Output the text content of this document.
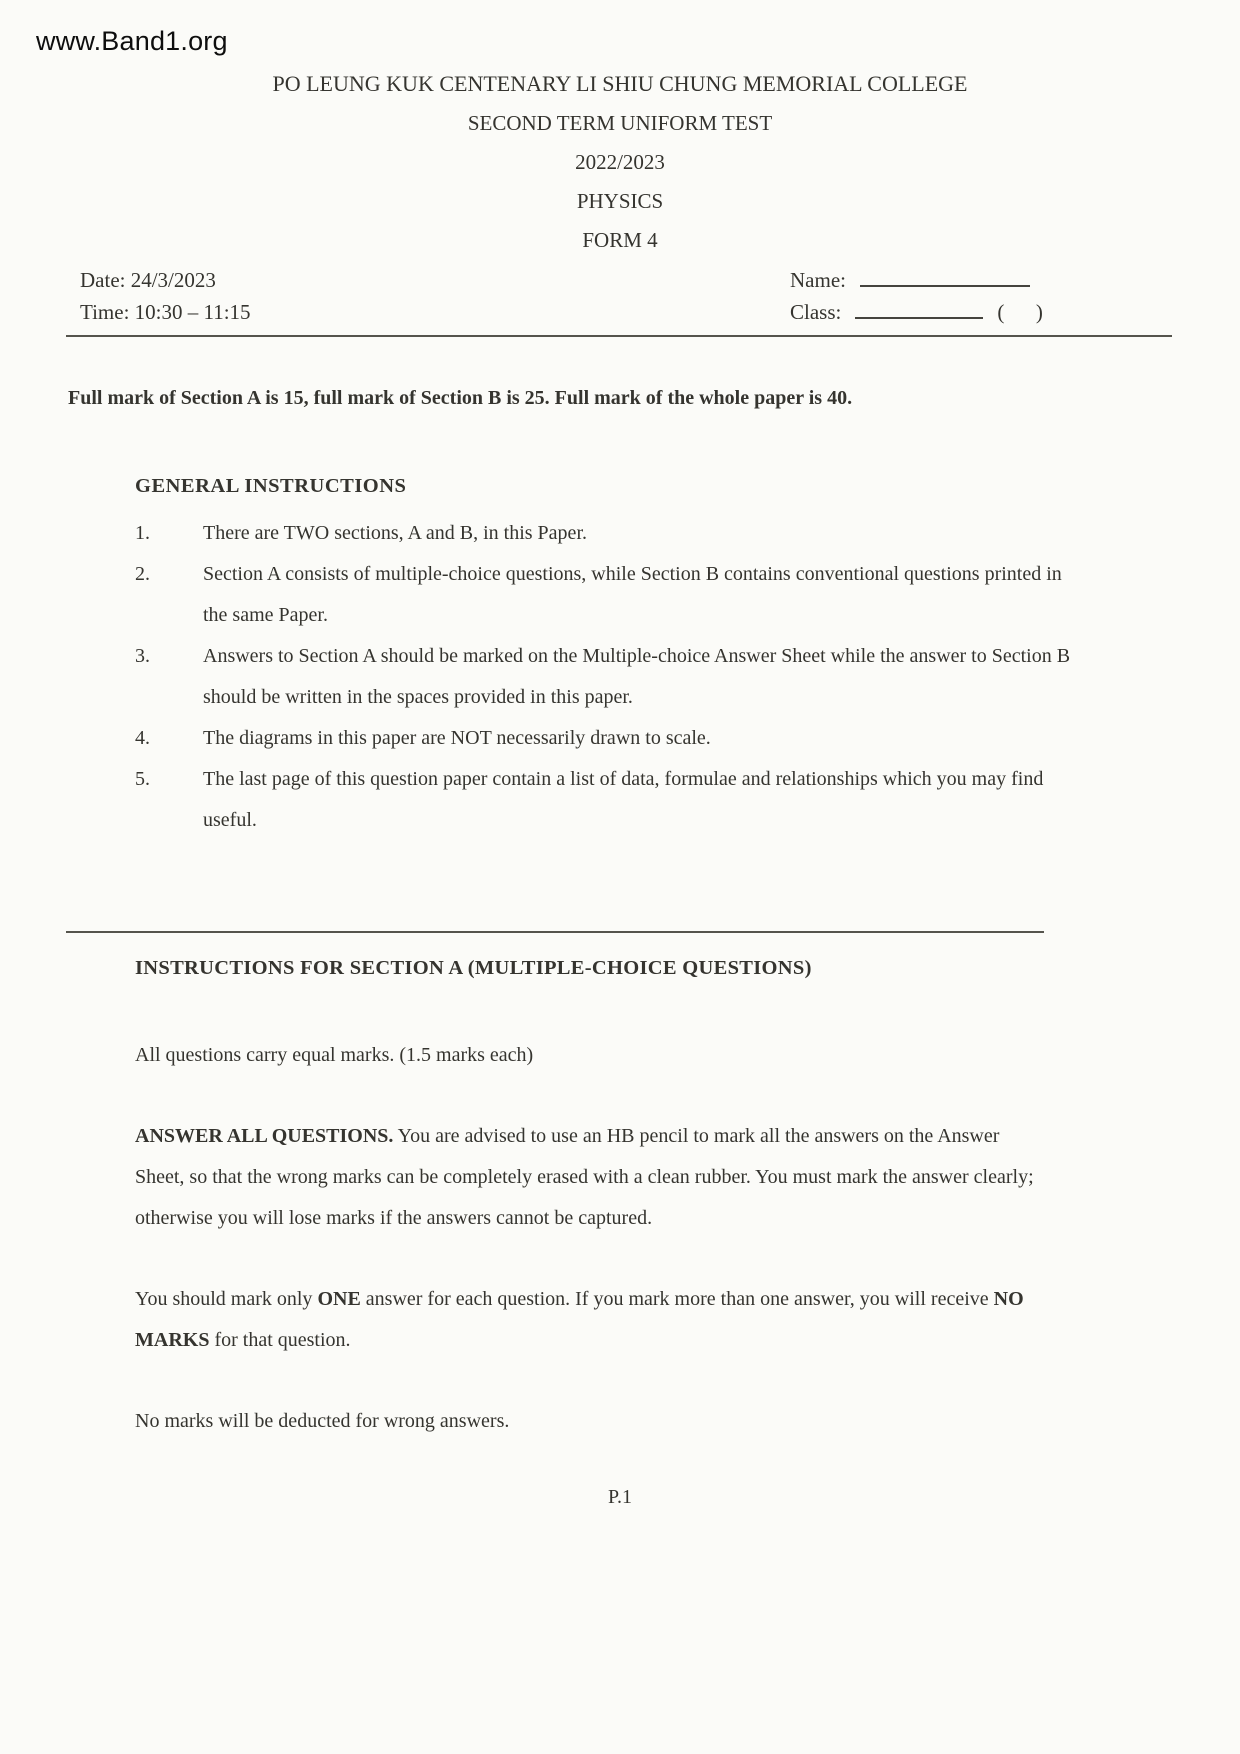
www.Band1.org
PO LEUNG KUK CENTENARY LI SHIU CHUNG MEMORIAL COLLEGE
SECOND TERM UNIFORM TEST
2022/2023
PHYSICS
FORM 4
Date: 24/3/2023
Time: 10:30 – 11:15
Name:
Class:	(      )

Full mark of Section A is 15, full mark of Section B is 25. Full mark of the whole paper is 40.

GENERAL INSTRUCTIONS
1.	There are TWO sections, A and B, in this Paper.
2.	Section A consists of multiple-choice questions, while Section B contains conventional questions printed in the same Paper.
3.	Answers to Section A should be marked on the Multiple-choice Answer Sheet while the answer to Section B should be written in the spaces provided in this paper.
4.	The diagrams in this paper are NOT necessarily drawn to scale.
5.	The last page of this question paper contain a list of data, formulae and relationships which you may find useful.
INSTRUCTIONS FOR SECTION A (MULTIPLE-CHOICE QUESTIONS)

All questions carry equal marks. (1.5 marks each)

ANSWER ALL QUESTIONS. You are advised to use an HB pencil to mark all the answers on the Answer Sheet, so that the wrong marks can be completely erased with a clean rubber. You must mark the answer clearly; otherwise you will lose marks if the answers cannot be captured.

You should mark only ONE answer for each question. If you mark more than one answer, you will receive NO MARKS for that question.

No marks will be deducted for wrong answers.

P.1
